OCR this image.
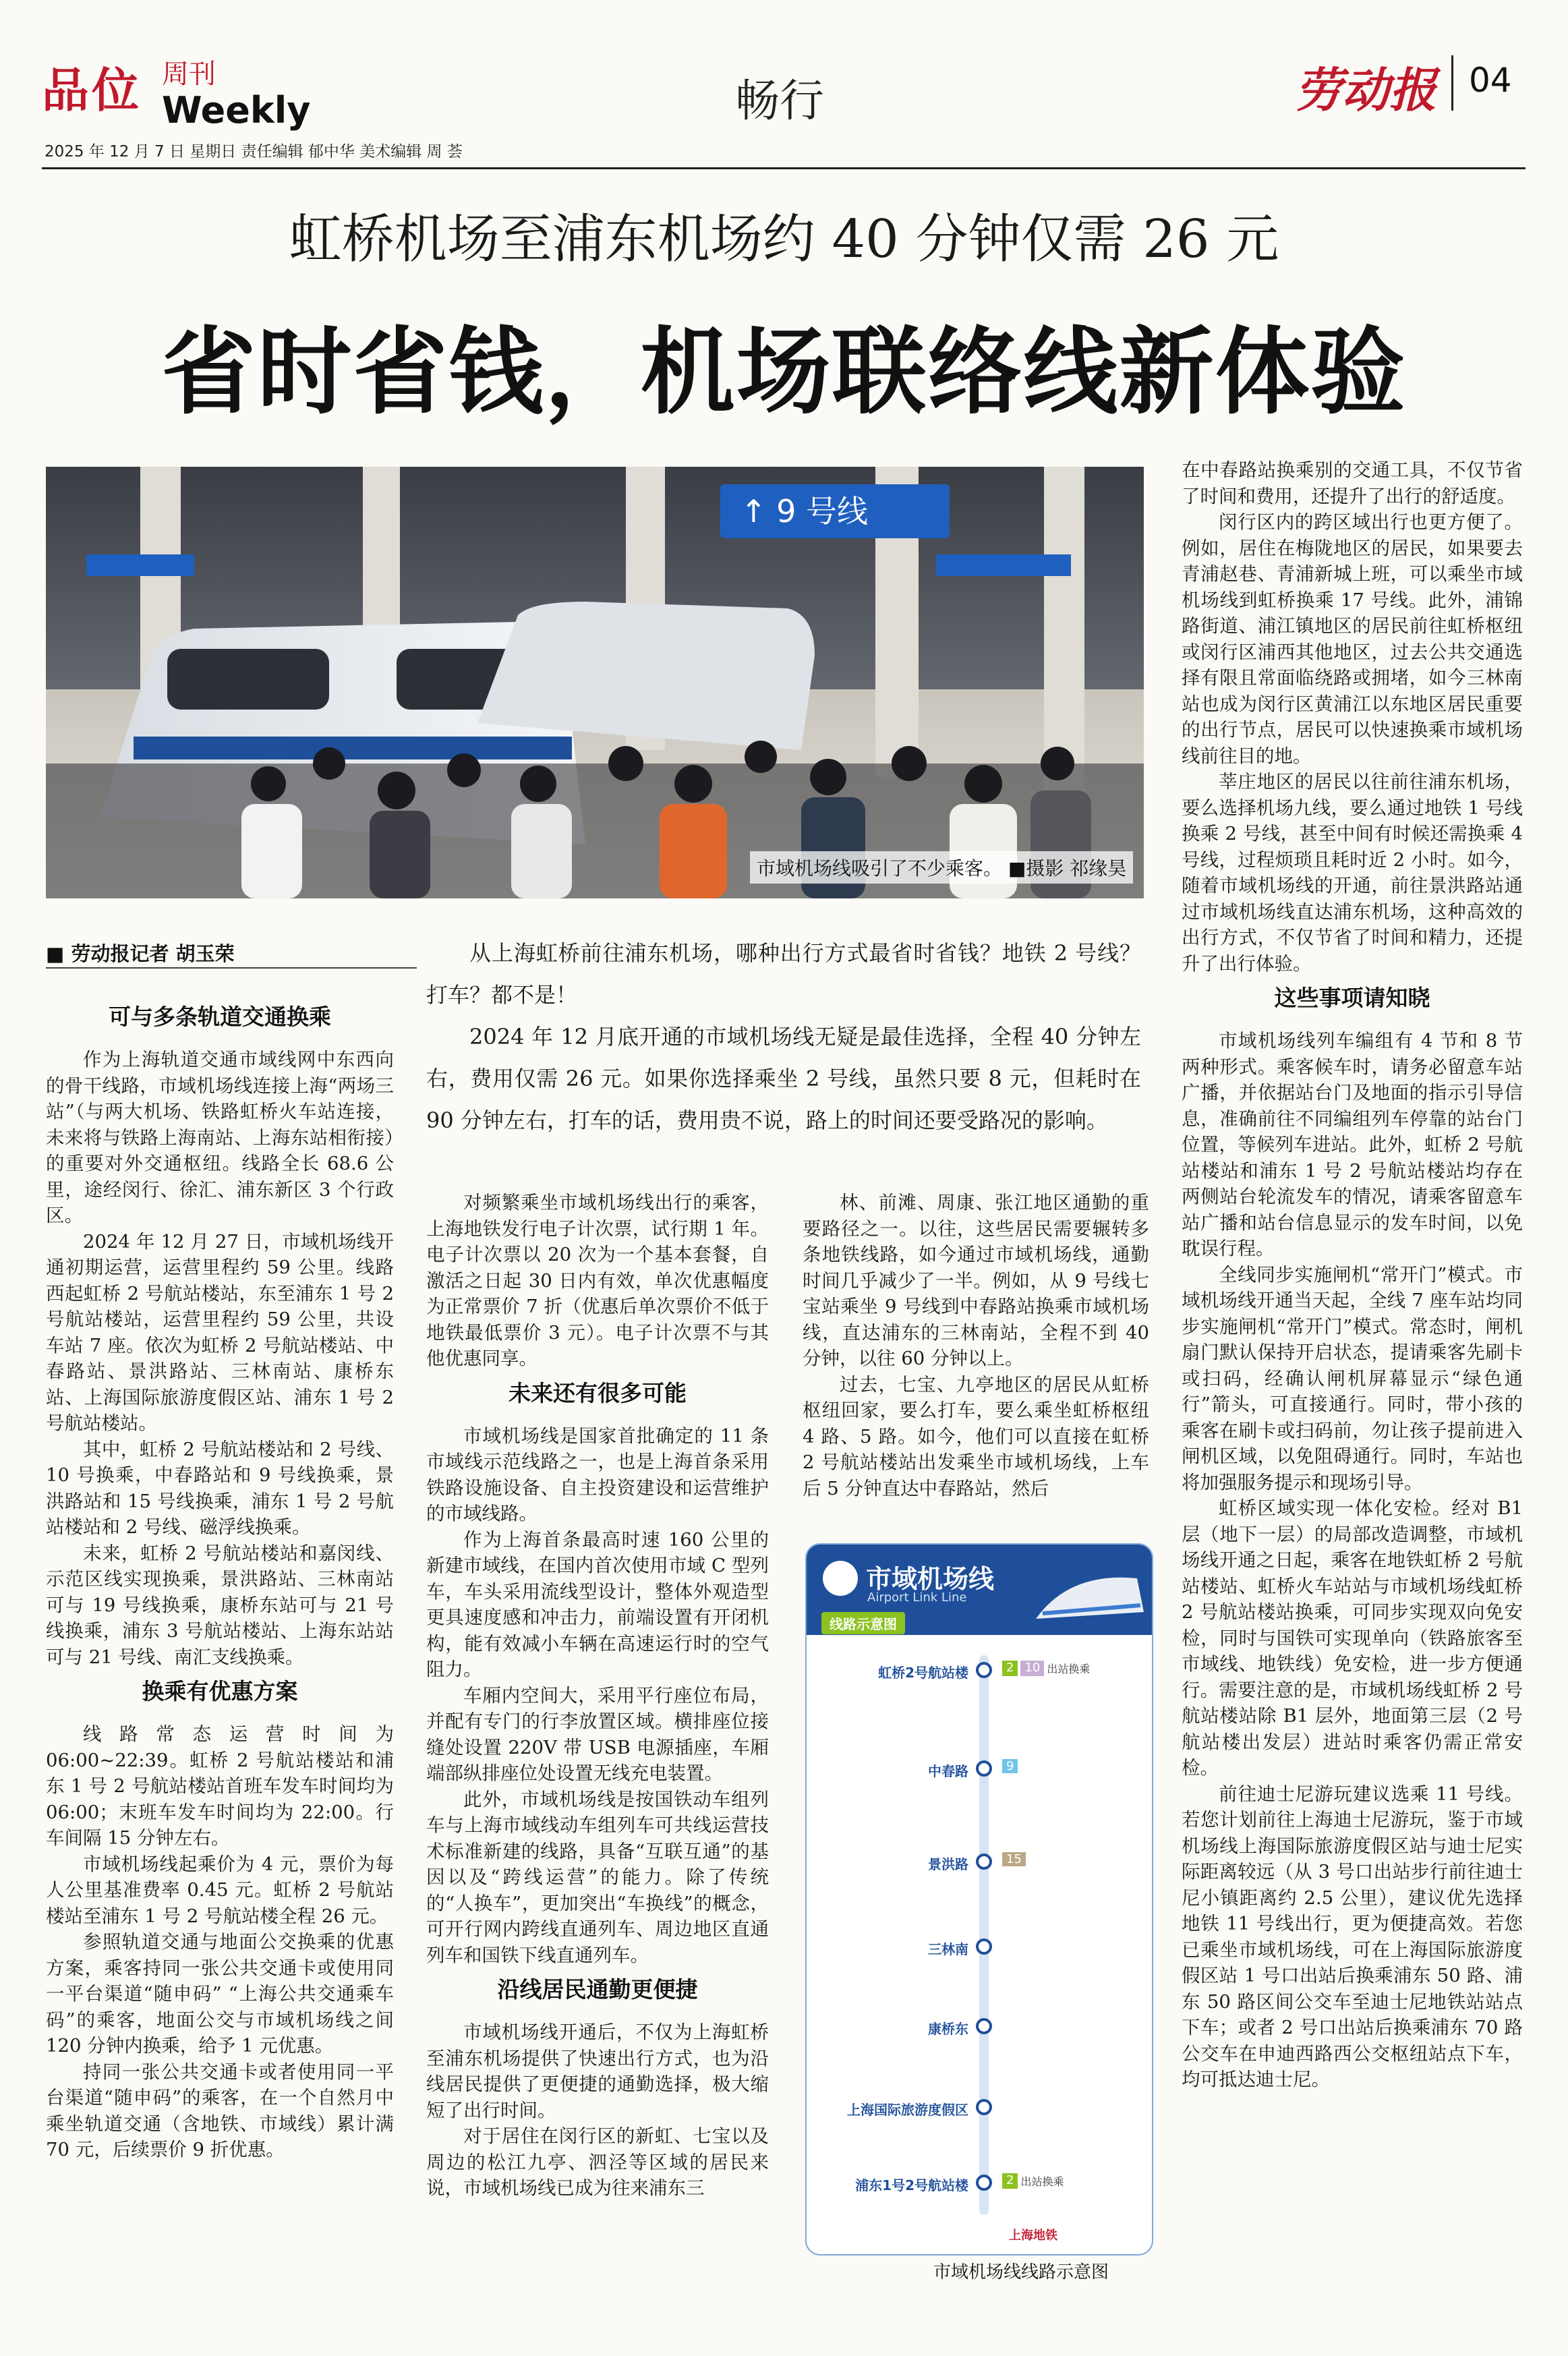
品位 周刊
Weekly
2025 年 12 月 7 日 星期日 责任编辑 郁中华 美术编辑 周 荟
畅行	劳动报 04
虹桥机场至浦东机场约 40 分钟仅需 26 元
省时省钱，机场联络线新体验
↑ 9 号线
市域机场线吸引了不少乘客。 ■摄影 祁缘昊
■ 劳动报记者 胡玉荣	从上海虹桥前往浦东机场，哪种出行方式最省时省钱？地铁 2 号线？打车？都不是！

2024 年 12 月底开通的市域机场线无疑是最佳选择，全程 40 分钟左右，费用仅需 26 元。如果你选择乘坐 2 号线，虽然只要 8 元，但耗时在 90 分钟左右，打车的话，费用贵不说，路上的时间还要受路况的影响。

可与多条轨道交通换乘

作为上海轨道交通市域线网中东西向的骨干线路，市域机场线连接上海“两场三站”（与两大机场、铁路虹桥火车站连接，未来将与铁路上海南站、上海东站相衔接）的重要对外交通枢纽。线路全长 68.6 公里，途经闵行、徐汇、浦东新区 3 个行政区。

2024 年 12 月 27 日，市域机场线开通初期运营，运营里程约 59 公里。线路西起虹桥 2 号航站楼站，东至浦东 1 号 2 号航站楼站，运营里程约 59 公里，共设车站 7 座。依次为虹桥 2 号航站楼站、中春路站、景洪路站、三林南站、康桥东站、上海国际旅游度假区站、浦东 1 号 2 号航站楼站。

其中，虹桥 2 号航站楼站和 2 号线、10 号换乘，中春路站和 9 号线换乘，景洪路站和 15 号线换乘，浦东 1 号 2 号航站楼站和 2 号线、磁浮线换乘。

未来，虹桥 2 号航站楼站和嘉闵线、示范区线实现换乘，景洪路站、三林南站可与 19 号线换乘，康桥东站可与 21 号线换乘，浦东 3 号航站楼站、上海东站站可与 21 号线、南汇支线换乘。

换乘有优惠方案

线路常态运营时间为 06:00~22:39。虹桥 2 号航站楼站和浦东 1 号 2 号航站楼站首班车发车时间均为 06:00；末班车发车时间均为 22:00。行车间隔 15 分钟左右。

市域机场线起乘价为 4 元，票价为每人公里基准费率 0.45 元。虹桥 2 号航站楼站至浦东 1 号 2 号航站楼全程 26 元。

参照轨道交通与地面公交换乘的优惠方案，乘客持同一张公共交通卡或使用同一平台渠道“随申码” “上海公共交通乘车码”的乘客，地面公交与市域机场线之间 120 分钟内换乘，给予 1 元优惠。

持同一张公共交通卡或者使用同一平台渠道“随申码”的乘客，在一个自然月中乘坐轨道交通（含地铁、市域线）累计满 70 元，后续票价 9 折优惠。

对频繁乘坐市域机场线出行的乘客，上海地铁发行电子计次票，试行期 1 年。电子计次票以 20 次为一个基本套餐，自激活之日起 30 日内有效，单次优惠幅度为正常票价 7 折（优惠后单次票价不低于地铁最低票价 3 元）。电子计次票不与其他优惠同享。

未来还有很多可能

市域机场线是国家首批确定的 11 条市域线示范线路之一，也是上海首条采用铁路设施设备、自主投资建设和运营维护的市域线路。

作为上海首条最高时速 160 公里的新建市域线，在国内首次使用市域 C 型列车，车头采用流线型设计，整体外观造型更具速度感和冲击力，前端设置有开闭机构，能有效减小车辆在高速运行时的空气阻力。

车厢内空间大，采用平行座位布局，并配有专门的行李放置区域。横排座位接缝处设置 220V 带 USB 电源插座，车厢端部纵排座位处设置无线充电装置。

此外，市域机场线是按国铁动车组列车与上海市域线动车组列车可共线运营技术标准新建的线路，具备“互联互通”的基因以及“跨线运营”的能力。除了传统的“人换车”，更加突出“车换线”的概念，可开行网内跨线直通列车、周边地区直通列车和国铁下线直通列车。

沿线居民通勤更便捷

市域机场线开通后，不仅为上海虹桥至浦东机场提供了快速出行方式，也为沿线居民提供了更便捷的通勤选择，极大缩短了出行时间。

对于居住在闵行区的新虹、七宝以及周边的松江九亭、泗泾等区域的居民来说，市域机场线已成为往来浦东三

林、前滩、周康、张江地区通勤的重要路径之一。以往，这些居民需要辗转多条地铁线路，如今通过市域机场线，通勤时间几乎减少了一半。例如，从 9 号线七宝站乘坐 9 号线到中春路站换乘市域机场线，直达浦东的三林南站，全程不到 40 分钟，以往 60 分钟以上。

过去，七宝、九亭地区的居民从虹桥枢纽回家，要么打车，要么乘坐虹桥枢纽 4 路、5 路。如今，他们可以直接在虹桥 2 号航站楼站出发乘坐市域机场线，上车后 5 分钟直达中春路站，然后

市域机场线
Airport Link Line
线路示意图
虹桥2号航站楼	2 10 出站换乘
中春路	9
景洪路	15
三林南
康桥东
上海国际旅游度假区
浦东1号2号航站楼	2 出站换乘
上海地铁
市域机场线线路示意图

在中春路站换乘别的交通工具，不仅节省了时间和费用，还提升了出行的舒适度。

闵行区内的跨区域出行也更方便了。例如，居住在梅陇地区的居民，如果要去青浦赵巷、青浦新城上班，可以乘坐市域机场线到虹桥换乘 17 号线。此外，浦锦路街道、浦江镇地区的居民前往虹桥枢纽或闵行区浦西其他地区，过去公共交通选择有限且常面临绕路或拥堵，如今三林南站也成为闵行区黄浦江以东地区居民重要的出行节点，居民可以快速换乘市域机场线前往目的地。

莘庄地区的居民以往前往浦东机场，要么选择机场九线，要么通过地铁 1 号线换乘 2 号线，甚至中间有时候还需换乘 4 号线，过程烦琐且耗时近 2 小时。如今，随着市域机场线的开通，前往景洪路站通过市域机场线直达浦东机场，这种高效的出行方式，不仅节省了时间和精力，还提升了出行体验。

这些事项请知晓

市域机场线列车编组有 4 节和 8 节两种形式。乘客候车时，请务必留意车站广播，并依据站台门及地面的指示引导信息，准确前往不同编组列车停靠的站台门位置，等候列车进站。此外，虹桥 2 号航站楼站和浦东 1 号 2 号航站楼站均存在两侧站台轮流发车的情况，请乘客留意车站广播和站台信息显示的发车时间，以免耽误行程。

全线同步实施闸机“常开门”模式。市域机场线开通当天起，全线 7 座车站均同步实施闸机“常开门”模式。常态时，闸机扇门默认保持开启状态，提请乘客先刷卡或扫码，经确认闸机屏幕显示“绿色通行”箭头，可直接通行。同时，带小孩的乘客在刷卡或扫码前，勿让孩子提前进入闸机区域，以免阻碍通行。同时，车站也将加强服务提示和现场引导。

虹桥区域实现一体化安检。经对 B1 层（地下一层）的局部改造调整，市域机场线开通之日起，乘客在地铁虹桥 2 号航站楼站、虹桥火车站站与市域机场线虹桥 2 号航站楼站换乘，可同步实现双向免安检，同时与国铁可实现单向（铁路旅客至市域线、地铁线）免安检，进一步方便通行。需要注意的是，市域机场线虹桥 2 号航站楼站除 B1 层外，地面第三层（2 号航站楼出发层）进站时乘客仍需正常安检。

前往迪士尼游玩建议选乘 11 号线。若您计划前往上海迪士尼游玩，鉴于市域机场线上海国际旅游度假区站与迪士尼实际距离较远（从 3 号口出站步行前往迪士尼小镇距离约 2.5 公里），建议优先选择地铁 11 号线出行，更为便捷高效。若您已乘坐市域机场线，可在上海国际旅游度假区站 1 号口出站后换乘浦东 50 路、浦东 50 路区间公交车至迪士尼地铁站站点下车；或者 2 号口出站后换乘浦东 70 路公交车在申迪西路西公交枢纽站点下车，均可抵达迪士尼。
